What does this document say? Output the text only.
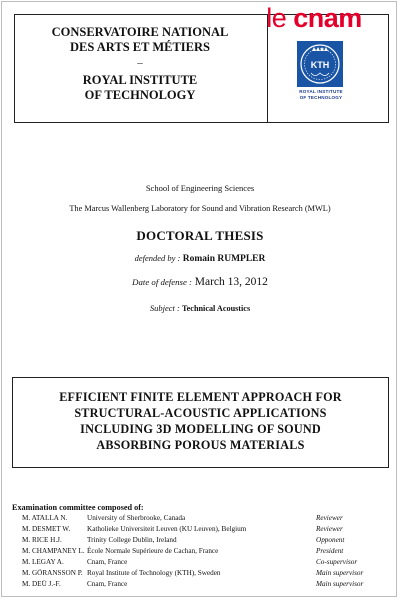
CONSERVATOIRE NATIONAL
DES ARTS ET MÉTIERS
–
ROYAL INSTITUTE
OF TECHNOLOGY
le cnam
KTH
ROYAL INSTITUTE
OF TECHNOLOGY
School of Engineering Sciences
The Marcus Wallenberg Laboratory for Sound and Vibration Research (MWL)
DOCTORAL THESIS
defended by : Romain RUMPLER
Date of defense : March 13, 2012
Subject : Technical Acoustics
EFFICIENT FINITE ELEMENT APPROACH FOR
STRUCTURAL-ACOUSTIC APPLICATIONS
INCLUDING 3D MODELLING OF SOUND
ABSORBING POROUS MATERIALS
Examination committee composed of:
M. ATALLA N.	University of Sherbrooke, Canada	Reviewer
M. DESMET W. Katholieke Universiteit Leuven (KU Leuven), Belgium	Reviewer
M. RICE H.J.	Trinity College Dublin, Ireland	Opponent
M. CHAMPANEY L. École Normale Supérieure de Cachan, France	President
M. LEGAY A.	Cnam, France	Co-supervisor
M. GÖRANSSON P. Royal Institute of Technology (KTH), Sweden	Main supervisor
M. DEÜ J.-F.	Cnam, France	Main supervisor
